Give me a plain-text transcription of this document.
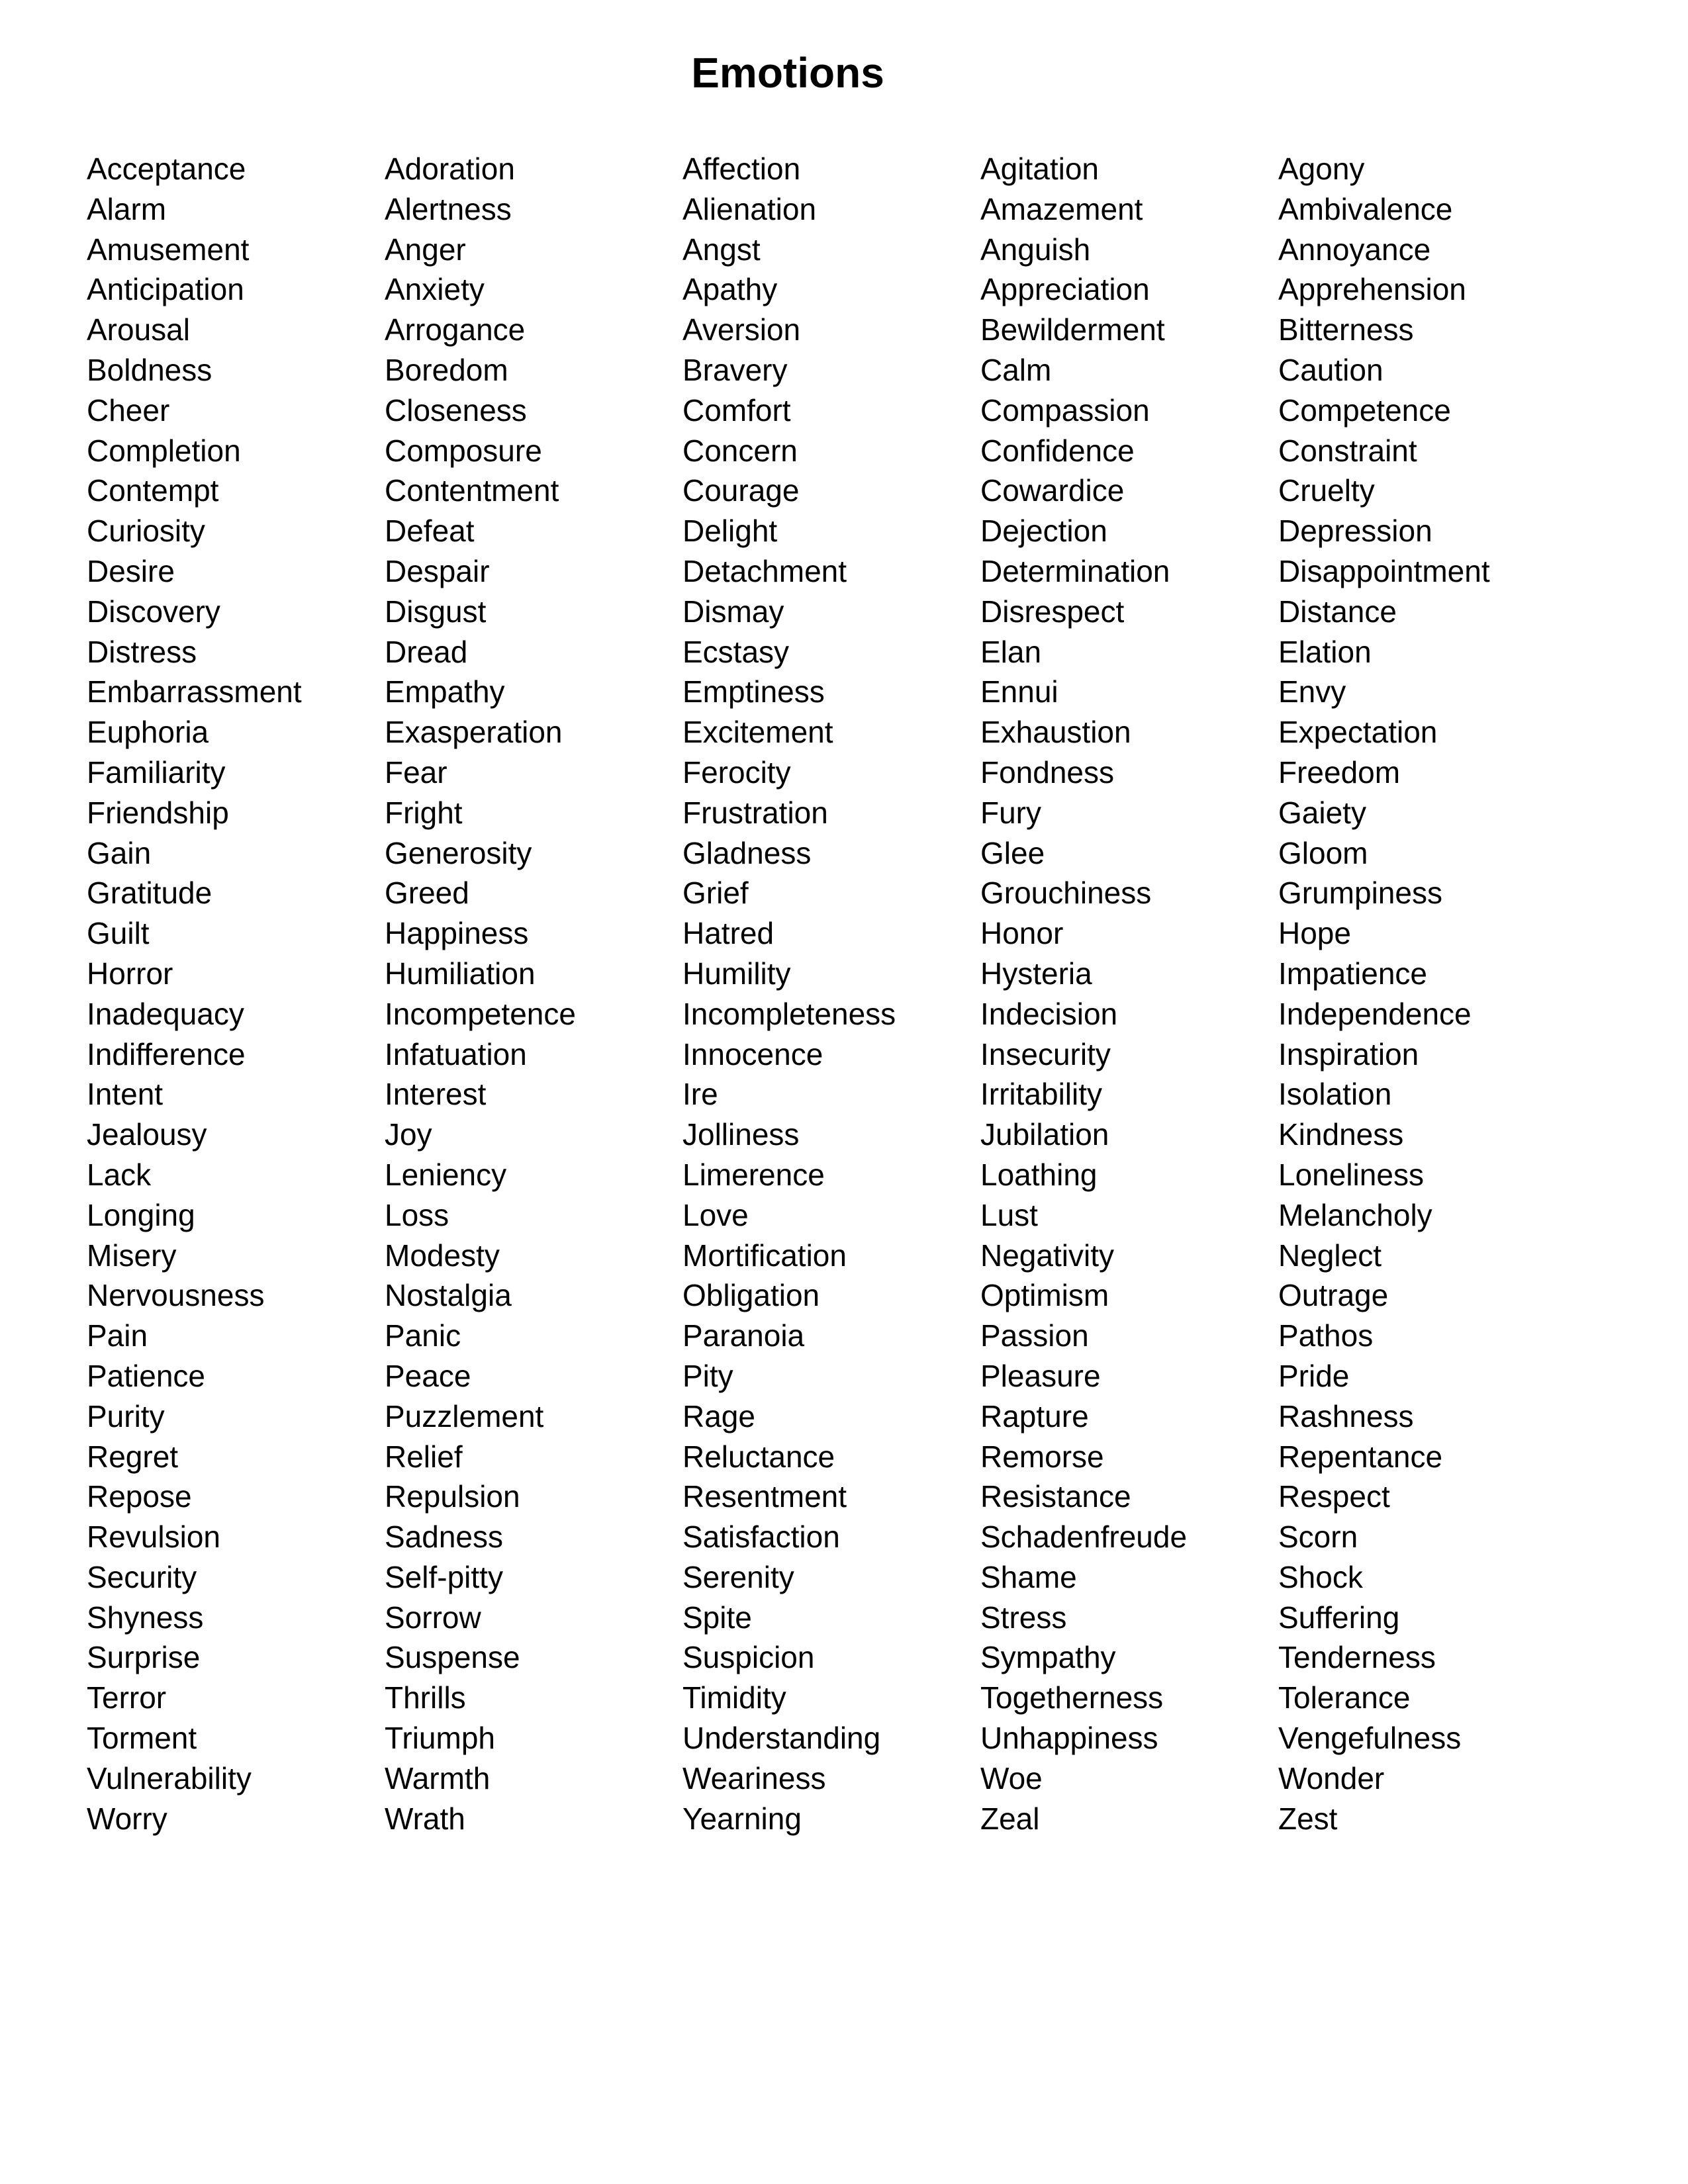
Emotions
Acceptance	Adoration	Affection	Agitation	Agony
Alarm	Alertness	Alienation	Amazement	Ambivalence
Amusement	Anger	Angst	Anguish	Annoyance
Anticipation	Anxiety	Apathy	Appreciation	Apprehension
Arousal	Arrogance	Aversion	Bewilderment	Bitterness
Boldness	Boredom	Bravery	Calm	Caution
Cheer	Closeness	Comfort	Compassion	Competence
Completion	Composure	Concern	Confidence	Constraint
Contempt	Contentment	Courage	Cowardice	Cruelty
Curiosity	Defeat	Delight	Dejection	Depression
Desire	Despair	Detachment	Determination	Disappointment
Discovery	Disgust	Dismay	Disrespect	Distance
Distress	Dread	Ecstasy	Elan	Elation
Embarrassment	Empathy	Emptiness	Ennui	Envy
Euphoria	Exasperation	Excitement	Exhaustion	Expectation
Familiarity	Fear	Ferocity	Fondness	Freedom
Friendship	Fright	Frustration	Fury	Gaiety
Gain	Generosity	Gladness	Glee	Gloom
Gratitude	Greed	Grief	Grouchiness	Grumpiness
Guilt	Happiness	Hatred	Honor	Hope
Horror	Humiliation	Humility	Hysteria	Impatience
Inadequacy	Incompetence	Incompleteness	Indecision	Independence
Indifference	Infatuation	Innocence	Insecurity	Inspiration
Intent	Interest	Ire	Irritability	Isolation
Jealousy	Joy	Jolliness	Jubilation	Kindness
Lack	Leniency	Limerence	Loathing	Loneliness
Longing	Loss	Love	Lust	Melancholy
Misery	Modesty	Mortification	Negativity	Neglect
Nervousness	Nostalgia	Obligation	Optimism	Outrage
Pain	Panic	Paranoia	Passion	Pathos
Patience	Peace	Pity	Pleasure	Pride
Purity	Puzzlement	Rage	Rapture	Rashness
Regret	Relief	Reluctance	Remorse	Repentance
Repose	Repulsion	Resentment	Resistance	Respect
Revulsion	Sadness	Satisfaction	Schadenfreude	Scorn
Security	Self-pitty	Serenity	Shame	Shock
Shyness	Sorrow	Spite	Stress	Suffering
Surprise	Suspense	Suspicion	Sympathy	Tenderness
Terror	Thrills	Timidity	Togetherness	Tolerance
Torment	Triumph	Understanding	Unhappiness	Vengefulness
Vulnerability	Warmth	Weariness	Woe	Wonder
Worry	Wrath	Yearning	Zeal	Zest
